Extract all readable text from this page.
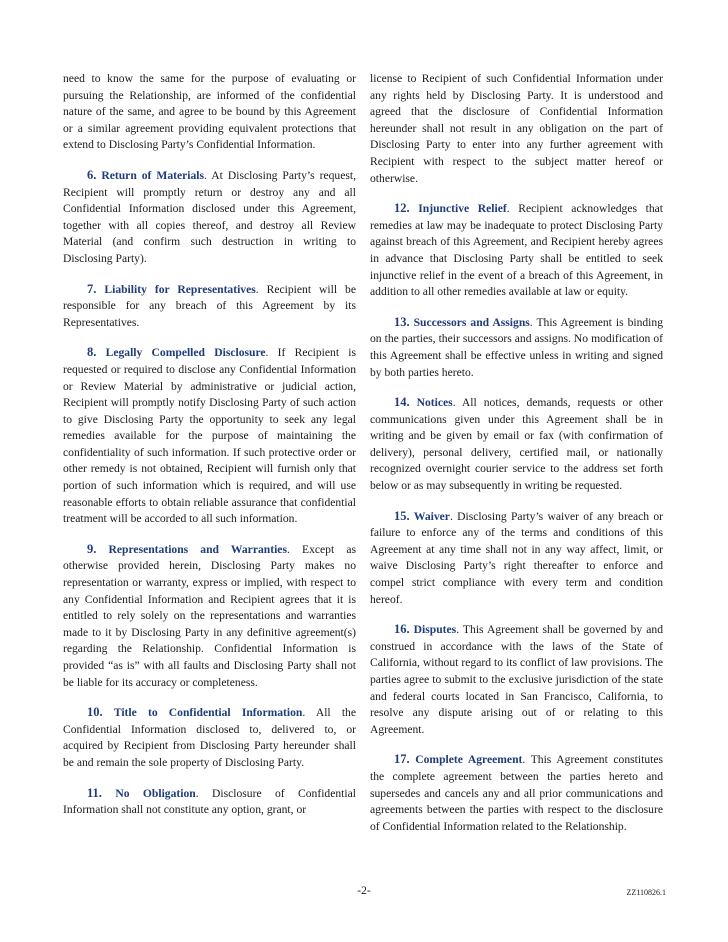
need to know the same for the purpose of evaluating or pursuing the Relationship, are informed of the confidential nature of the same, and agree to be bound by this Agreement or a similar agreement providing equivalent protections that extend to Disclosing Party’s Confidential Information.

6. Return of Materials. At Disclosing Party’s request, Recipient will promptly return or destroy any and all Confidential Information disclosed under this Agreement, together with all copies thereof, and destroy all Review Material (and confirm such destruction in writing to Disclosing Party).

7. Liability for Representatives. Recipient will be responsible for any breach of this Agreement by its Representatives.

8. Legally Compelled Disclosure. If Recipient is requested or required to disclose any Confidential Information or Review Material by administrative or judicial action, Recipient will promptly notify Disclosing Party of such action to give Disclosing Party the opportunity to seek any legal remedies available for the purpose of maintaining the confidentiality of such information. If such protective order or other remedy is not obtained, Recipient will furnish only that portion of such information which is required, and will use reasonable efforts to obtain reliable assurance that confidential treatment will be accorded to all such information.

9. Representations and Warranties. Except as otherwise provided herein, Disclosing Party makes no representation or warranty, express or implied, with respect to any Confidential Information and Recipient agrees that it is entitled to rely solely on the representations and warranties made to it by Disclosing Party in any definitive agreement(s) regarding the Relationship. Confidential Information is provided “as is” with all faults and Disclosing Party shall not be liable for its accuracy or completeness.

10. Title to Confidential Information. All the Confidential Information disclosed to, delivered to, or acquired by Recipient from Disclosing Party hereunder shall be and remain the sole property of Disclosing Party.

11. No Obligation. Disclosure of Confidential Information shall not constitute any option, grant, or

license to Recipient of such Confidential Information under any rights held by Disclosing Party. It is understood and agreed that the disclosure of Confidential Information hereunder shall not result in any obligation on the part of Disclosing Party to enter into any further agreement with Recipient with respect to the subject matter hereof or otherwise.

12. Injunctive Relief. Recipient acknowledges that remedies at law may be inadequate to protect Disclosing Party against breach of this Agreement, and Recipient hereby agrees in advance that Disclosing Party shall be entitled to seek injunctive relief in the event of a breach of this Agreement, in addition to all other remedies available at law or equity.

13. Successors and Assigns. This Agreement is binding on the parties, their successors and assigns. No modification of this Agreement shall be effective unless in writing and signed by both parties hereto.

14. Notices. All notices, demands, requests or other communications given under this Agreement shall be in writing and be given by email or fax (with confirmation of delivery), personal delivery, certified mail, or nationally recognized overnight courier service to the address set forth below or as may subsequently in writing be requested.

15. Waiver. Disclosing Party’s waiver of any breach or failure to enforce any of the terms and conditions of this Agreement at any time shall not in any way affect, limit, or waive Disclosing Party’s right thereafter to enforce and compel strict compliance with every term and condition hereof.

16. Disputes. This Agreement shall be governed by and construed in accordance with the laws of the State of California, without regard to its conflict of law provisions. The parties agree to submit to the exclusive jurisdiction of the state and federal courts located in San Francisco, California, to resolve any dispute arising out of or relating to this Agreement.

17. Complete Agreement. This Agreement constitutes the complete agreement between the parties hereto and supersedes and cancels any and all prior communications and agreements between the parties with respect to the disclosure of Confidential Information related to the Relationship.

-2-	ZZ110826.1
